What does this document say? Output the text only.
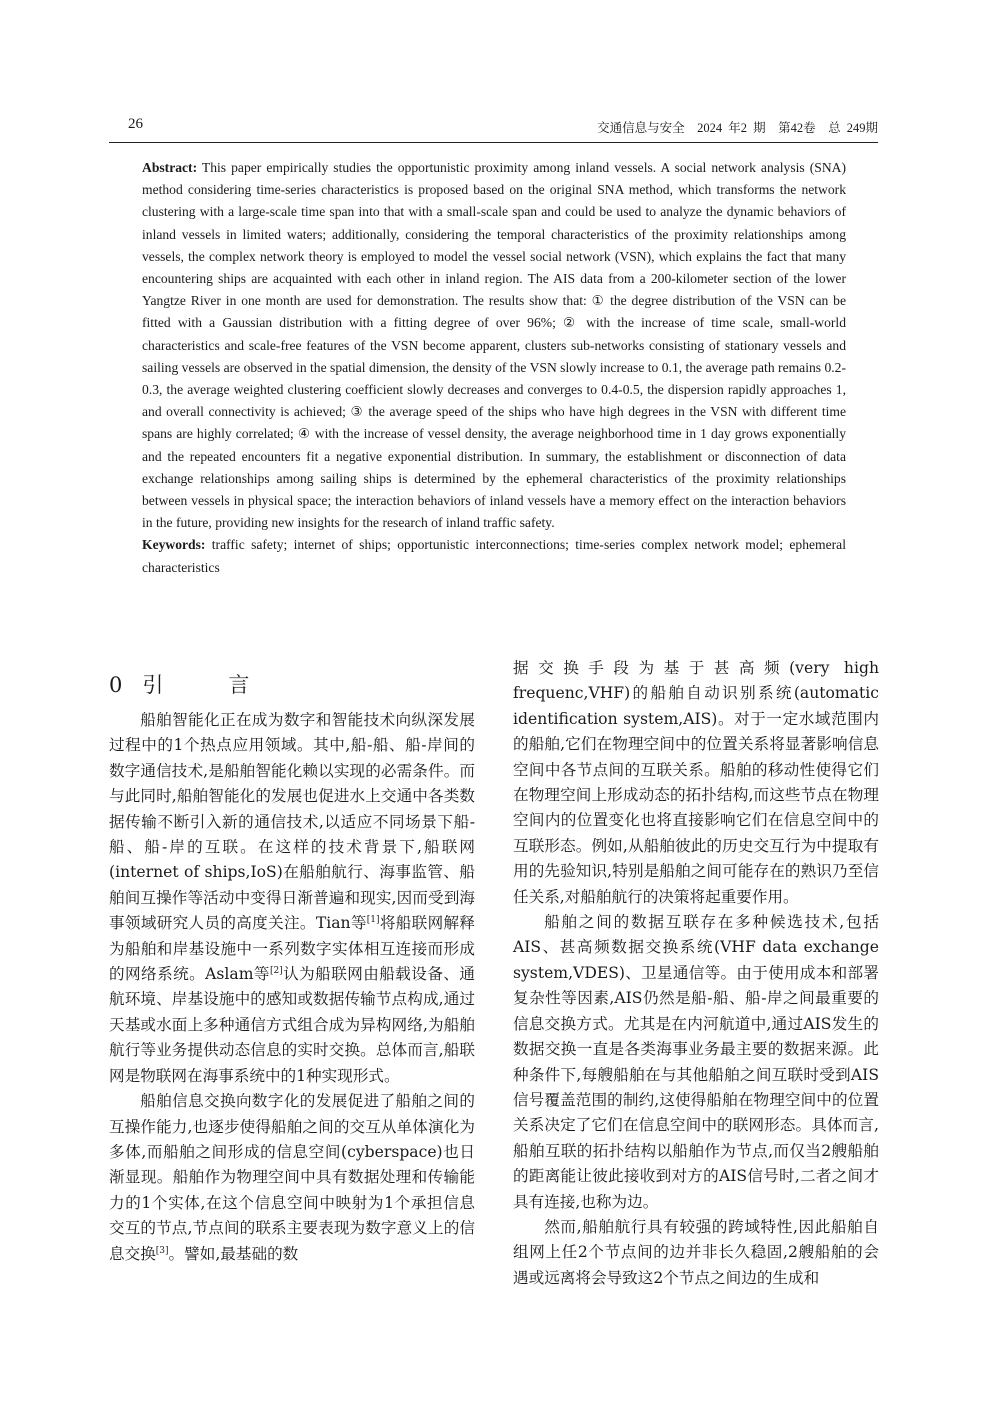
26	交通信息与安全　2024 年2 期　第42卷　总 249期

Abstract: This paper empirically studies the opportunistic proximity among inland vessels. A social network analysis (SNA) method considering time-series characteristics is proposed based on the original SNA method, which transforms the network clustering with a large-scale time span into that with a small-scale span and could be used to analyze the dynamic behaviors of inland vessels in limited waters; additionally, considering the temporal characteristics of the proximity relationships among vessels, the complex network theory is employed to model the vessel social network (VSN), which explains the fact that many encountering ships are acquainted with each other in inland region. The AIS data from a 200-kilometer section of the lower Yangtze River in one month are used for demonstration. The results show that: ① the degree distribution of the VSN can be fitted with a Gaussian distribution with a fitting degree of over 96%; ② with the increase of time scale, small-world characteristics and scale-free features of the VSN become apparent, clusters sub-networks consisting of stationary vessels and sailing vessels are observed in the spatial dimension, the density of the VSN slowly increase to 0.1, the average path remains 0.2-0.3, the average weighted clustering coefficient slowly decreases and converges to 0.4-0.5, the dispersion rapidly approaches 1, and overall connectivity is achieved; ③ the average speed of the ships who have high degrees in the VSN with different time spans are highly correlated; ④ with the increase of vessel density, the average neighborhood time in 1 day grows exponentially and the repeated encounters fit a negative exponential distribution. In summary, the establishment or disconnection of data exchange relationships among sailing ships is determined by the ephemeral characteristics of the proximity relationships between vessels in physical space; the interaction behaviors of inland vessels have a memory effect on the interaction behaviors in the future, providing new insights for the research of inland traffic safety.

Keywords: traffic safety; internet of ships; opportunistic interconnections; time-series complex network model; ephemeral characteristics

0 引　言

船舶智能化正在成为数字和智能技术向纵深发展过程中的1个热点应用领域。其中,船-船、船-岸间的数字通信技术,是船舶智能化赖以实现的必需条件。而与此同时,船舶智能化的发展也促进水上交通中各类数据传输不断引入新的通信技术,以适应不同场景下船-船、船-岸的互联。在这样的技术背景下,船联网(internet of ships,IoS)在船舶航行、海事监管、船舶间互操作等活动中变得日渐普遍和现实,因而受到海事领域研究人员的高度关注。Tian等[1]将船联网解释为船舶和岸基设施中一系列数字实体相互连接而形成的网络系统。Aslam等[2]认为船联网由船载设备、通航环境、岸基设施中的感知或数据传输节点构成,通过天基或水面上多种通信方式组合成为异构网络,为船舶航行等业务提供动态信息的实时交换。总体而言,船联网是物联网在海事系统中的1种实现形式。

船舶信息交换向数字化的发展促进了船舶之间的互操作能力,也逐步使得船舶之间的交互从单体演化为多体,而船舶之间形成的信息空间(cyberspace)也日渐显现。船舶作为物理空间中具有数据处理和传输能力的1个实体,在这个信息空间中映射为1个承担信息交互的节点,节点间的联系主要表现为数字意义上的信息交换[3]。譬如,最基础的数

据交换手段为基于甚高频(very high frequenc,VHF)的船舶自动识别系统(automatic identification system,AIS)。对于一定水域范围内的船舶,它们在物理空间中的位置关系将显著影响信息空间中各节点间的互联关系。船舶的移动性使得它们在物理空间上形成动态的拓扑结构,而这些节点在物理空间内的位置变化也将直接影响它们在信息空间中的互联形态。例如,从船舶彼此的历史交互行为中提取有用的先验知识,特别是船舶之间可能存在的熟识乃至信任关系,对船舶航行的决策将起重要作用。

船舶之间的数据互联存在多种候选技术,包括AIS、甚高频数据交换系统(VHF data exchange system,VDES)、卫星通信等。由于使用成本和部署复杂性等因素,AIS仍然是船-船、船-岸之间最重要的信息交换方式。尤其是在内河航道中,通过AIS发生的数据交换一直是各类海事业务最主要的数据来源。此种条件下,每艘船舶在与其他船舶之间互联时受到AIS信号覆盖范围的制约,这使得船舶在物理空间中的位置关系决定了它们在信息空间中的联网形态。具体而言,船舶互联的拓扑结构以船舶作为节点,而仅当2艘船舶的距离能让彼此接收到对方的AIS信号时,二者之间才具有连接,也称为边。

然而,船舶航行具有较强的跨域特性,因此船舶自组网上任2个节点间的边并非长久稳固,2艘船舶的会遇或远离将会导致这2个节点之间边的生成和
